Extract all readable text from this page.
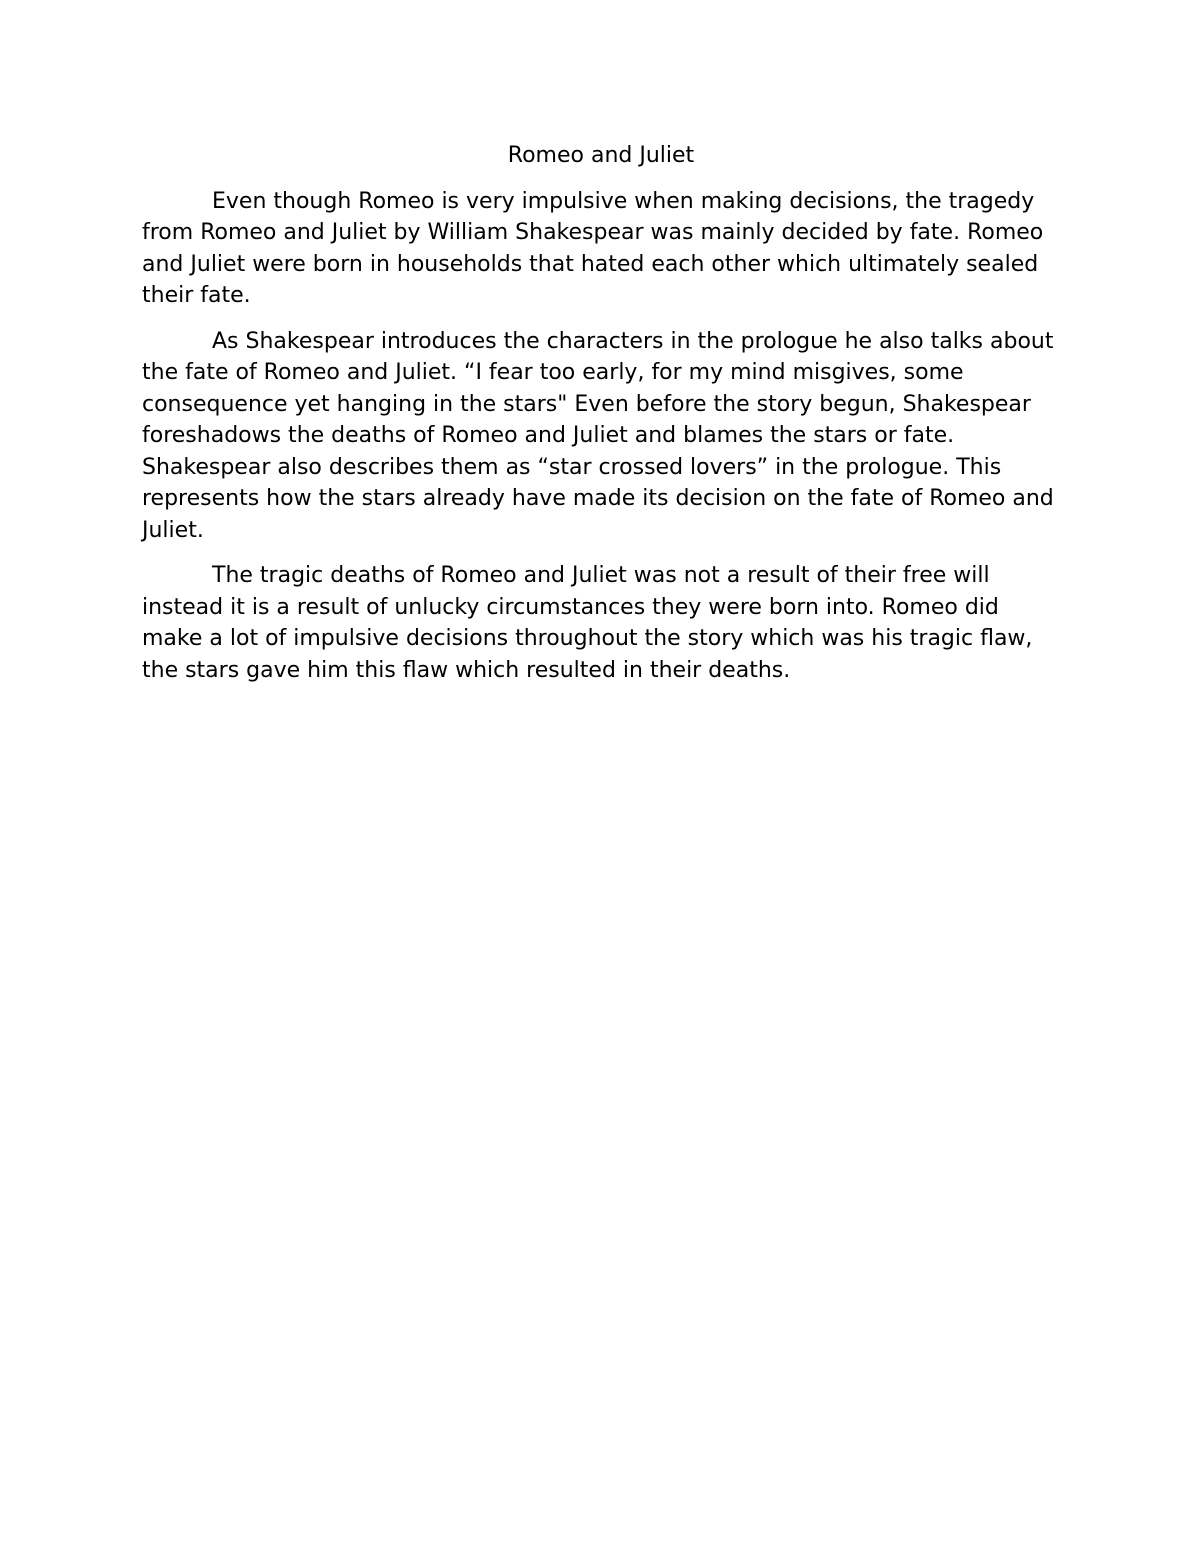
Romeo and Juliet

Even though Romeo is very impulsive when making decisions, the tragedy from Romeo and Juliet by William Shakespear was mainly decided by fate. Romeo and Juliet were born in households that hated each other which ultimately sealed their fate.

As Shakespear introduces the characters in the prologue he also talks about the fate of Romeo and Juliet. “I fear too early, for my mind misgives, some consequence yet hanging in the stars" Even before the story begun, Shakespear foreshadows the deaths of Romeo and Juliet and blames the stars or fate. Shakespear also describes them as “star crossed lovers” in the prologue. This represents how the stars already have made its decision on the fate of Romeo and Juliet.

The tragic deaths of Romeo and Juliet was not a result of their free will instead it is a result of unlucky circumstances they were born into. Romeo did make a lot of impulsive decisions throughout the story which was his tragic flaw, the stars gave him this flaw which resulted in their deaths.
